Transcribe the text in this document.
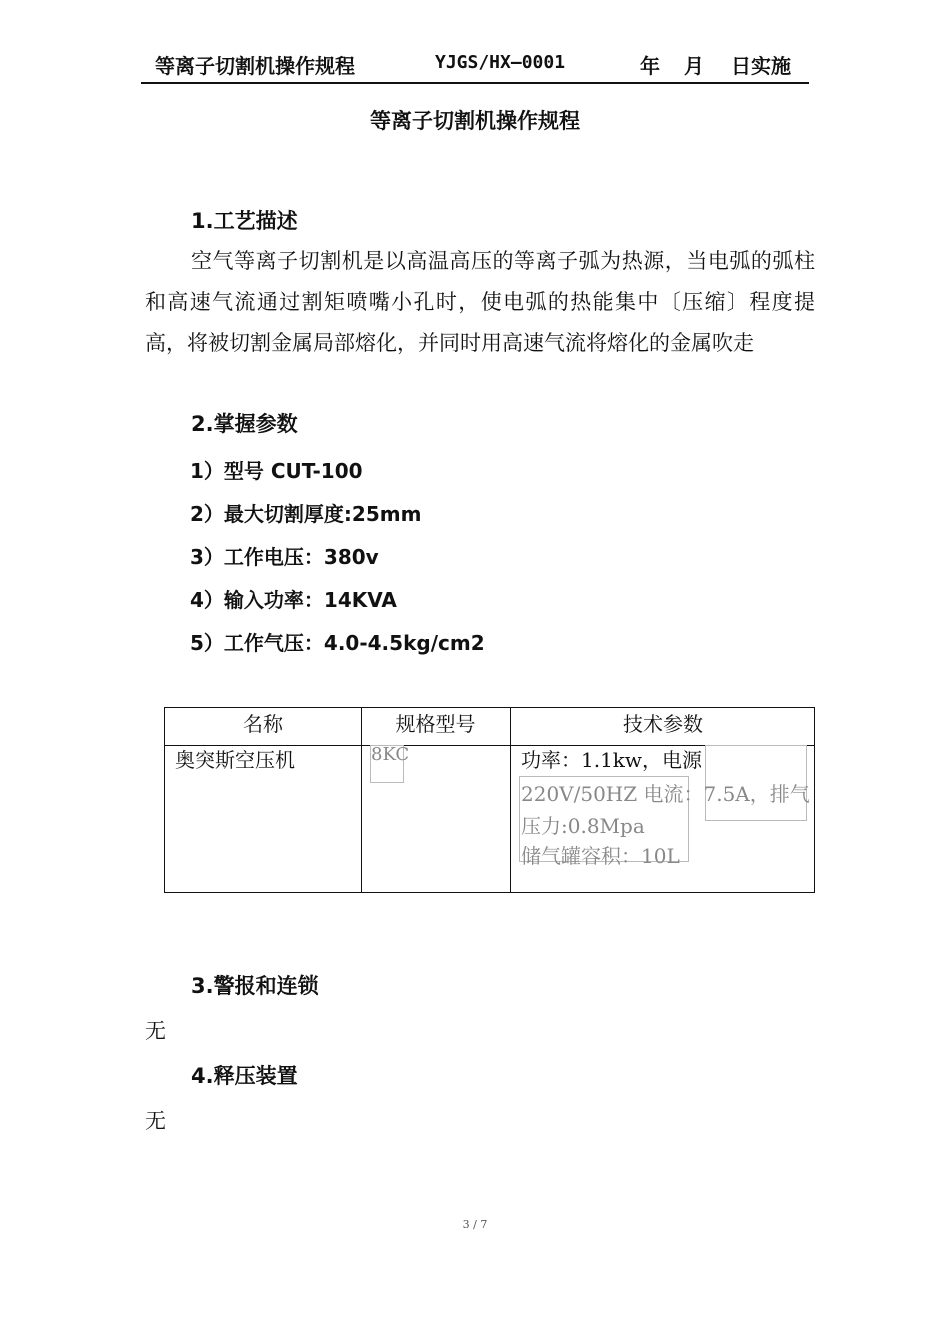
等离子切割机操作规程	YJGS/HX—0001	年 月 日实施
等离子切割机操作规程
1.工艺描述
空气等离子切割机是以高温高压的等离子弧为热源，当电弧的弧柱和高速气流通过割矩喷嘴小孔时，使电弧的热能集中〔压缩〕程度提高，将被切割金属局部熔化，并同时用高速气流将熔化的金属吹走
2.掌握参数
1）型号 CUT-100
2）最大切割厚度:25mm
3）工作电压：380v
4）输入功率：14KVA
5）工作气压：4.0-4.5kg/cm2
名称	规格型号	技术参数
奥突斯空压机	8KC	功率：1.1kw，电源
220V/50HZ 电流：7.5A，排气
压力:0.8Mpa
储气罐容积：10L
3.警报和连锁
无
4.释压装置
无
3 / 7
